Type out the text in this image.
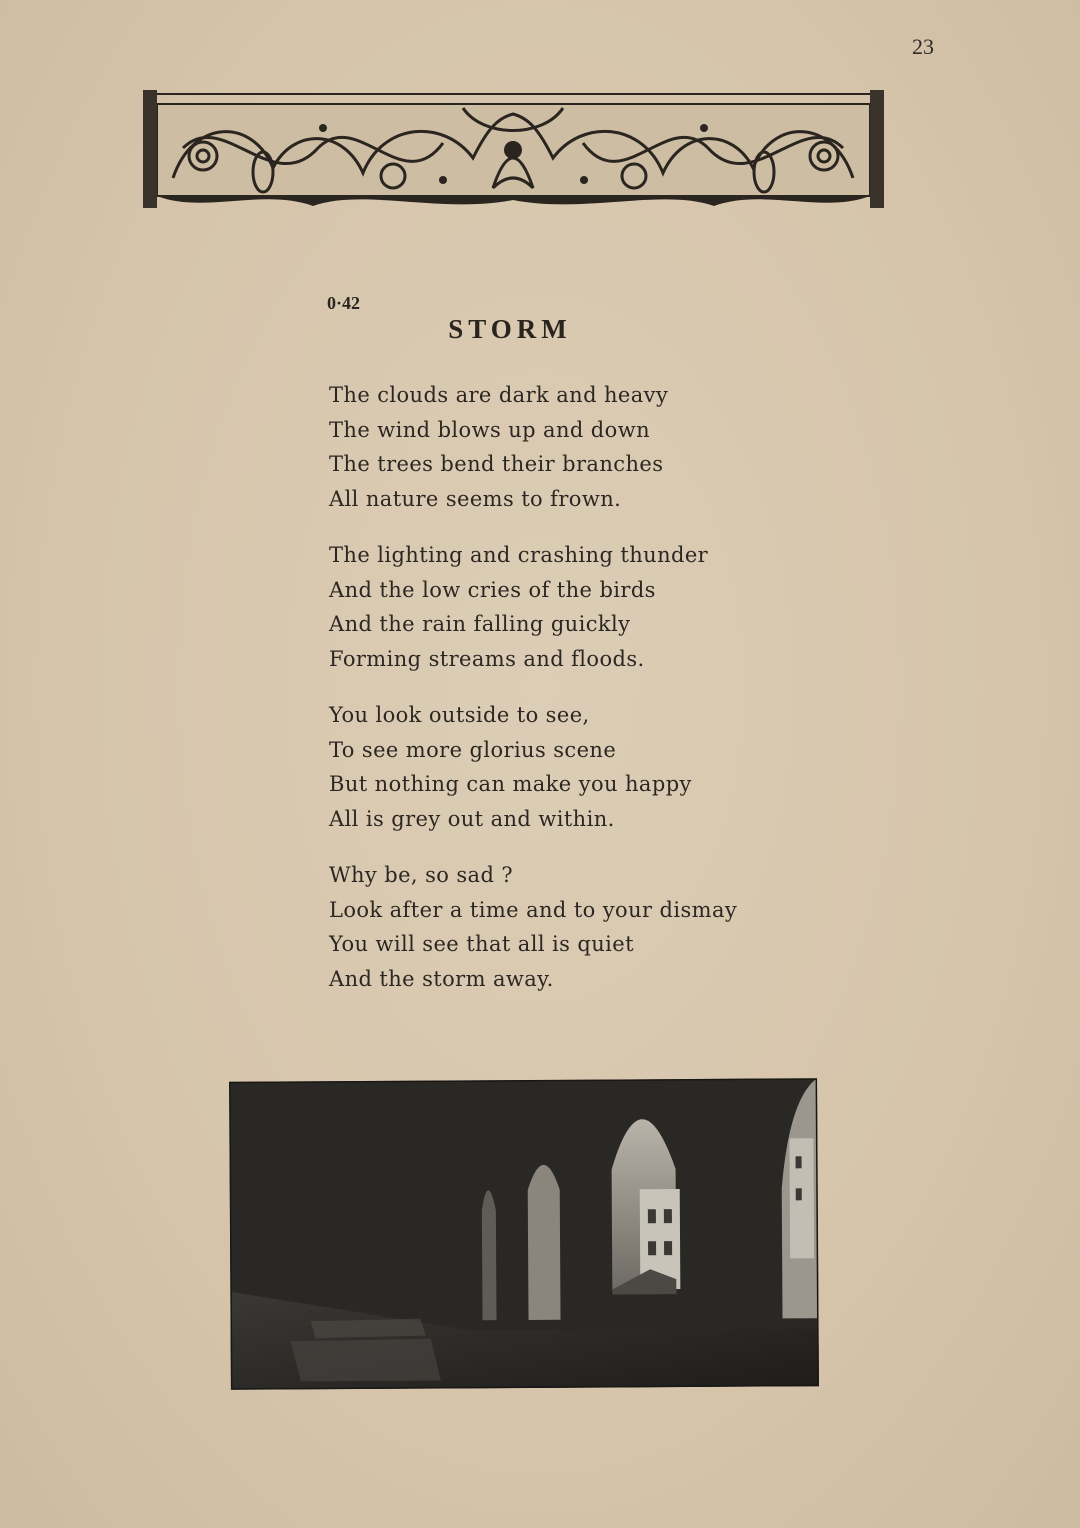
23
0·42
STORM
The clouds are dark and heavy
The wind blows up and down
The trees bend their branches
All nature seems to frown.
The lighting and crashing thunder
And the low cries of the birds
And the rain falling guickly
Forming streams and floods.
You look outside to see,
To see more glorius scene
But nothing can make you happy
All is grey out and within.
Why be, so sad ?
Look after a time and to your dismay
You will see that all is quiet
And the storm away.
